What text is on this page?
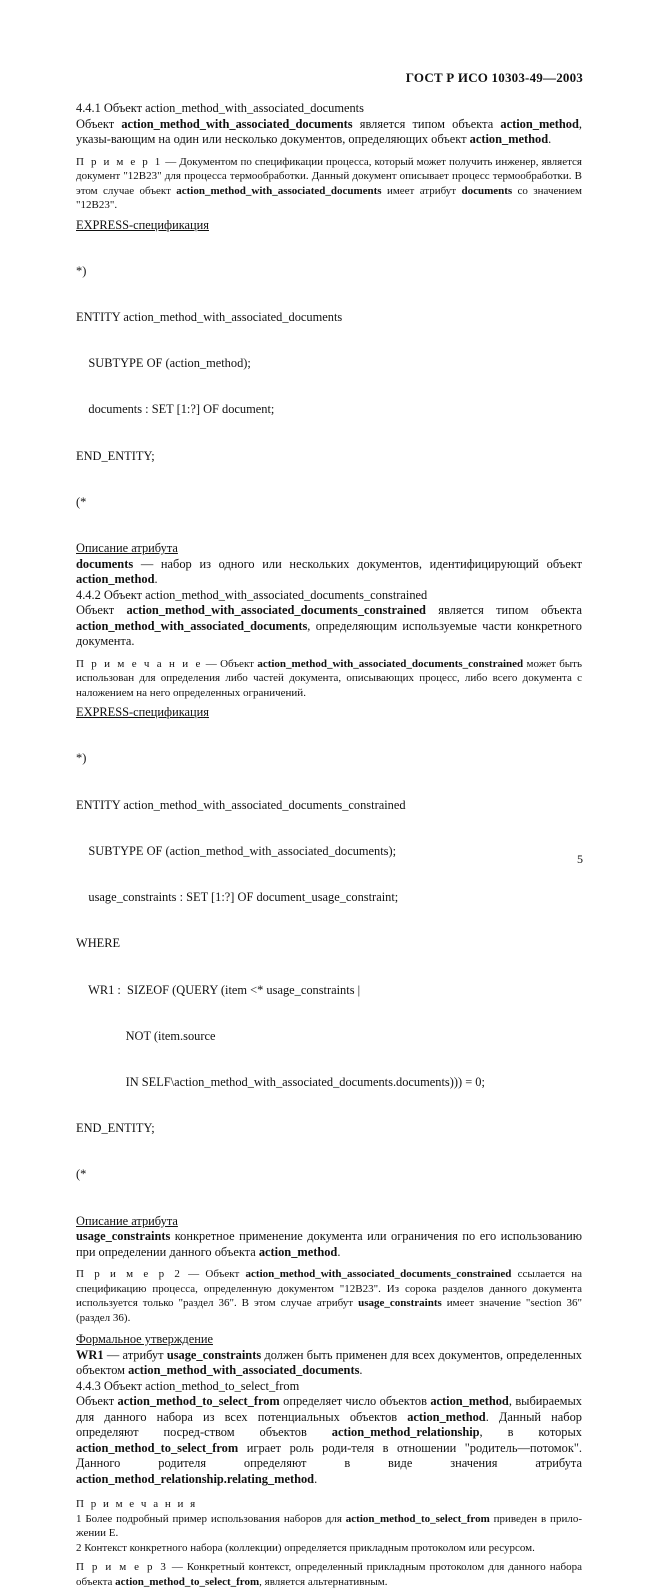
ГОСТ Р ИСО 10303-49—2003

4.4.1 Объект action_method_with_associated_documents

Объект action_method_with_associated_documents является типом объекта action_method, указы-вающим на один или несколько документов, определяющих объект action_method.

П р и м е р 1 — Документом по спецификации процесса, который может получить инженер, является документ "12B23" для процесса термообработки. Данный документ описывает процесс термообработки. В этом случае объект action_method_with_associated_documents имеет атрибут documents со значением "12B23".

EXPRESS-спецификация

*)

ENTITY action_method_with_associated_documents

SUBTYPE OF (action_method);

documents : SET [1:?] OF document;

END_ENTITY;

(*

Описание атрибута

documents — набор из одного или нескольких документов, идентифицирующий объект action_method.

4.4.2 Объект action_method_with_associated_documents_constrained

Объект action_method_with_associated_documents_constrained является типом объекта action_method_with_associated_documents, определяющим используемые части конкретного документа.

П р и м е ч а н и е — Объект action_method_with_associated_documents_constrained может быть использован для определения либо частей документа, описывающих процесс, либо всего документа с наложением на него определенных ограничений.

EXPRESS-спецификация

*)

ENTITY action_method_with_associated_documents_constrained

SUBTYPE OF (action_method_with_associated_documents);

usage_constraints : SET [1:?] OF document_usage_constraint;

WHERE

WR1 :  SIZEOF (QUERY (item <* usage_constraints |

NOT (item.source

IN SELF\action_method_with_associated_documents.documents))) = 0;

END_ENTITY;

(*

Описание атрибута

usage_constraints конкретное применение документа или ограничения по его использованию при определении данного объекта action_method.

П р и м е р 2 — Объект action_method_with_associated_documents_constrained ссылается на спецификацию процесса, определенную документом "12B23". Из сорока разделов данного документа используется только "раздел 36". В этом случае атрибут usage_constraints имеет значение "section 36" (раздел 36).

Формальное утверждение

WR1 — атрибут usage_constraints должен быть применен для всех документов, определенных объектом action_method_with_associated_documents.

4.4.3 Объект action_method_to_select_from

Объект action_method_to_select_from определяет число объектов action_method, выбираемых для данного набора из всех потенциальных объектов action_method. Данный набор определяют посред-ством объектов action_method_relationship, в которых action_method_to_select_from играет роль роди-теля в отношении "родитель—потомок". Данного родителя определяют в виде значения атрибута action_method_relationship.relating_method.

П р и м е ч а н и я

1 Более подробный пример использования наборов для action_method_to_select_from приведен в прило-жении E.

2 Контекст конкретного набора (коллекции) определяется прикладным протоколом или ресурсом.

П р и м е р 3 — Конкретный контекст, определенный прикладным протоколом для данного набора объекта action_method_to_select_from, является альтернативным.

5
